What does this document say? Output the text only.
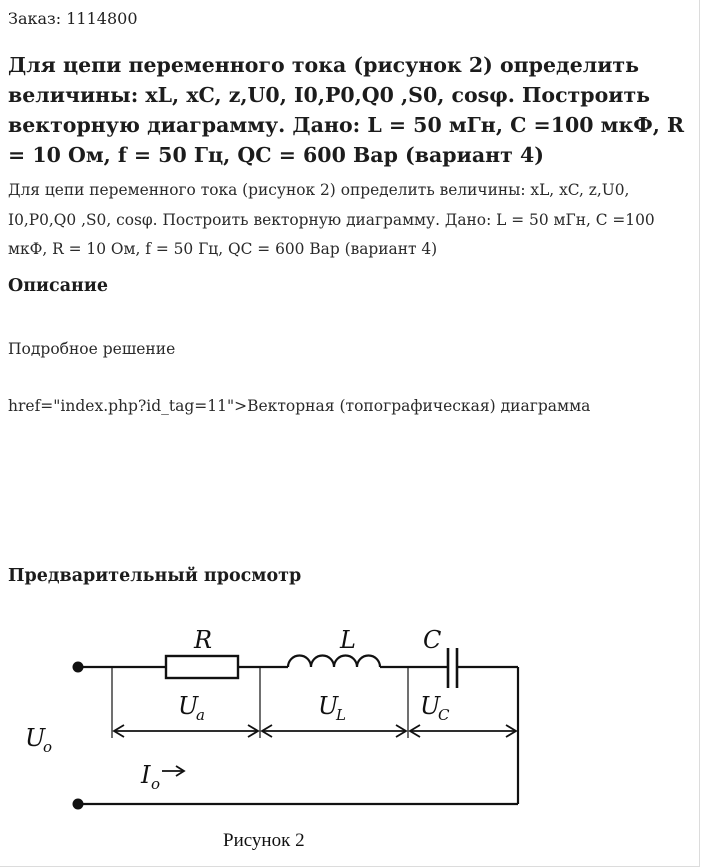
Заказ: 1114800
Для цепи переменного тока (рисунок 2) определить величины: xL, xC, z,U0, I0,P0,Q0 ,S0, cosφ. Построить векторную диаграмму. Дано: L = 50 мГн, C =100 мкФ, R = 10 Ом, f = 50 Гц, QC = 600 Вар (вариант 4)

Для цепи переменного тока (рисунок 2) определить величины: xL, xC, z,U0, I0,P0,Q0 ,S0, cosφ. Построить векторную диаграмму. Дано: L = 50 мГн, C =100 мкФ, R = 10 Ом, f = 50 Гц, QC = 600 Вар (вариант 4)

Описание

Подробное решение

href="index.php?id_tag=11">Векторная (топографическая) диаграмма

Предварительный просмотр
R	L	C
U
a	U
L	U
C
U
o
I o
Рисунок 2
